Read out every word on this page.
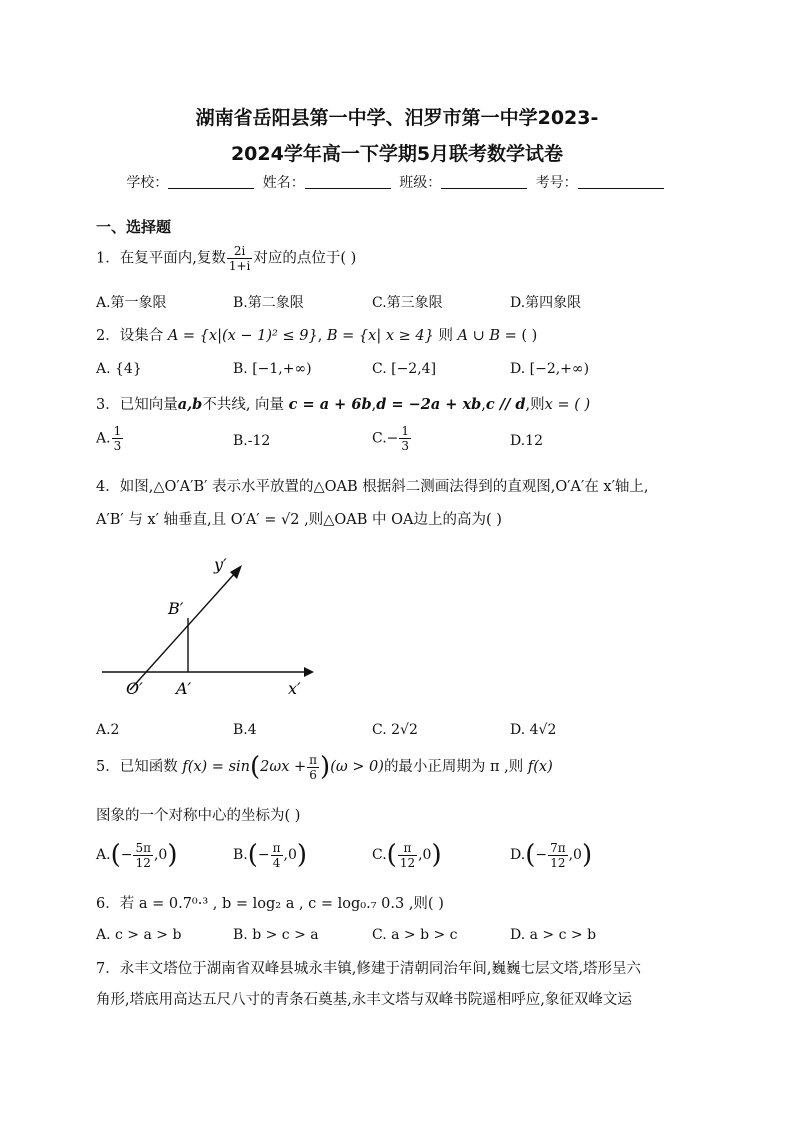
湖南省岳阳县第一中学、汨罗市第一中学2023-
2024学年高一下学期5月联考数学试卷
学校：	姓名：	班级：	考号：
一、选择题
1．在复平面内,复数 $\frac{2i}{1+i}$ 对应的点位于( )
A.第一象限	B.第二象限	C.第三象限	D.第四象限
2．设集合 A = {x|(x − 1)² ≤ 9}, B = {x| x ≥ 4} 则 A ∪ B = ( )
A. {4}	B. [−1,+∞)	C. [−2,4]	D. [−2,+∞)
3．已知向量a,b不共线, 向量 c = a + 6b,d = −2a + xb,c // d,则x = ( )
A. $\frac{1}{3}$	B.-12	$C.- \frac{1}{3}$	D.12
4．如图,△O′A′B′ 表示水平放置的△OAB 根据斜二测画法得到的直观图,O′A′在 x′轴上,
A′B′ 与 x′ 轴垂直,且 O′A′ = √2 ,则△OAB 中 OA边上的高为( )
y′
B′
O′ A′	x′
A.2	B.4	C. 2√2	D. 4√2
5．已知函数 $f(x) = \sin(2\omega x + \frac{\pi}{6} )(\omega > 0)$的最小正周期为 π ,则 f(x)
图象的一个对称中心的坐标为( )
$A.(- \frac{5\pi}{12} ,0)$	$B.(- \frac{\pi}{4} ,0)$	$C.( \frac{\pi}{12} ,0)$	$D.(- \frac{7\pi}{12} ,0)$
6．若 a = 0.7⁰·³ , b = log₂ a , c = log₀.₇ 0.3 ,则( )
A. c > a > b	B. b > c > a	C. a > b > c	D. a > c > b
7．永丰文塔位于湖南省双峰县城永丰镇,修建于清朝同治年间,巍巍七层文塔,塔形呈六
角形,塔底用高达五尺八寸的青条石奠基,永丰文塔与双峰书院遥相呼应,象征双峰文运
